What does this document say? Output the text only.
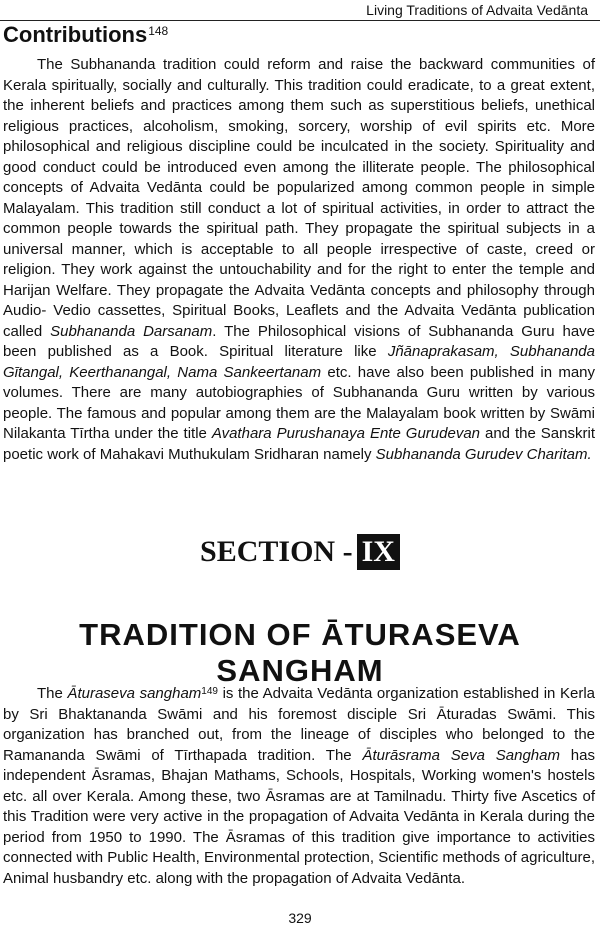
Living Traditions of Advaita Vedānta
Contributions$^{148}$

The Subhananda tradition could reform and raise the backward communities of Kerala spiritually, socially and culturally. This tradition could eradicate, to a great extent, the inherent beliefs and practices among them such as superstitious beliefs, unethical religious practices, alcoholism, smoking, sorcery, worship of evil spirits etc. More philosophical and religious discipline could be inculcated in the society. Spirituality and good conduct could be introduced even among the illiterate people. The philosophical concepts of Advaita Vedānta could be popularized among common people in simple Malayalam. This tradition still conduct a lot of spiritual activities, in order to attract the common people towards the spiritual path. They propagate the spiritual subjects in a universal manner, which is acceptable to all people irrespective of caste, creed or religion. They work against the untouchability and for the right to enter the temple and Harijan Welfare. They propagate the Advaita Vedānta concepts and philosophy through Audio- Vedio cassettes, Spiritual Books, Leaflets and the Advaita Vedānta publication called Subhananda Darsanam. The Philosophical visions of Subhananda Guru have been published as a Book. Spiritual literature like Jñānaprakasam, Subhananda Gītangal, Keerthanangal, Nama Sankeertanam etc. have also been published in many volumes. There are many autobiographies of Subhananda Guru written by various people. The famous and popular among them are the Malayalam book written by Swāmi Nilakanta Tīrtha under the title Avathara Purushanaya Ente Gurudevan and the Sanskrit poetic work of Mahakavi Muthukulam Sridharan namely Subhananda Gurudev Charitam.

SECTION - IX
TRADITION OF ĀTURASEVA SANGHAM

The Āturaseva sangham$^{149}$ is the Advaita Vedānta organization established in Kerla by Sri Bhaktananda Swāmi and his foremost disciple Sri Āturadas Swāmi. This organization has branched out, from the lineage of disciples who belonged to the Ramananda Swāmi of Tīrthapada tradition. The Āturāsrama Seva Sangham has independent Āsramas, Bhajan Mathams, Schools, Hospitals, Working women's hostels etc. all over Kerala. Among these, two Āsramas are at Tamilnadu. Thirty five Ascetics of this Tradition were very active in the propagation of Advaita Vedānta in Kerala during the period from 1950 to 1990. The Āsramas of this tradition give importance to activities connected with Public Health, Environmental protection, Scientific methods of agriculture, Animal husbandry etc. along with the propagation of Advaita Vedānta.

329
